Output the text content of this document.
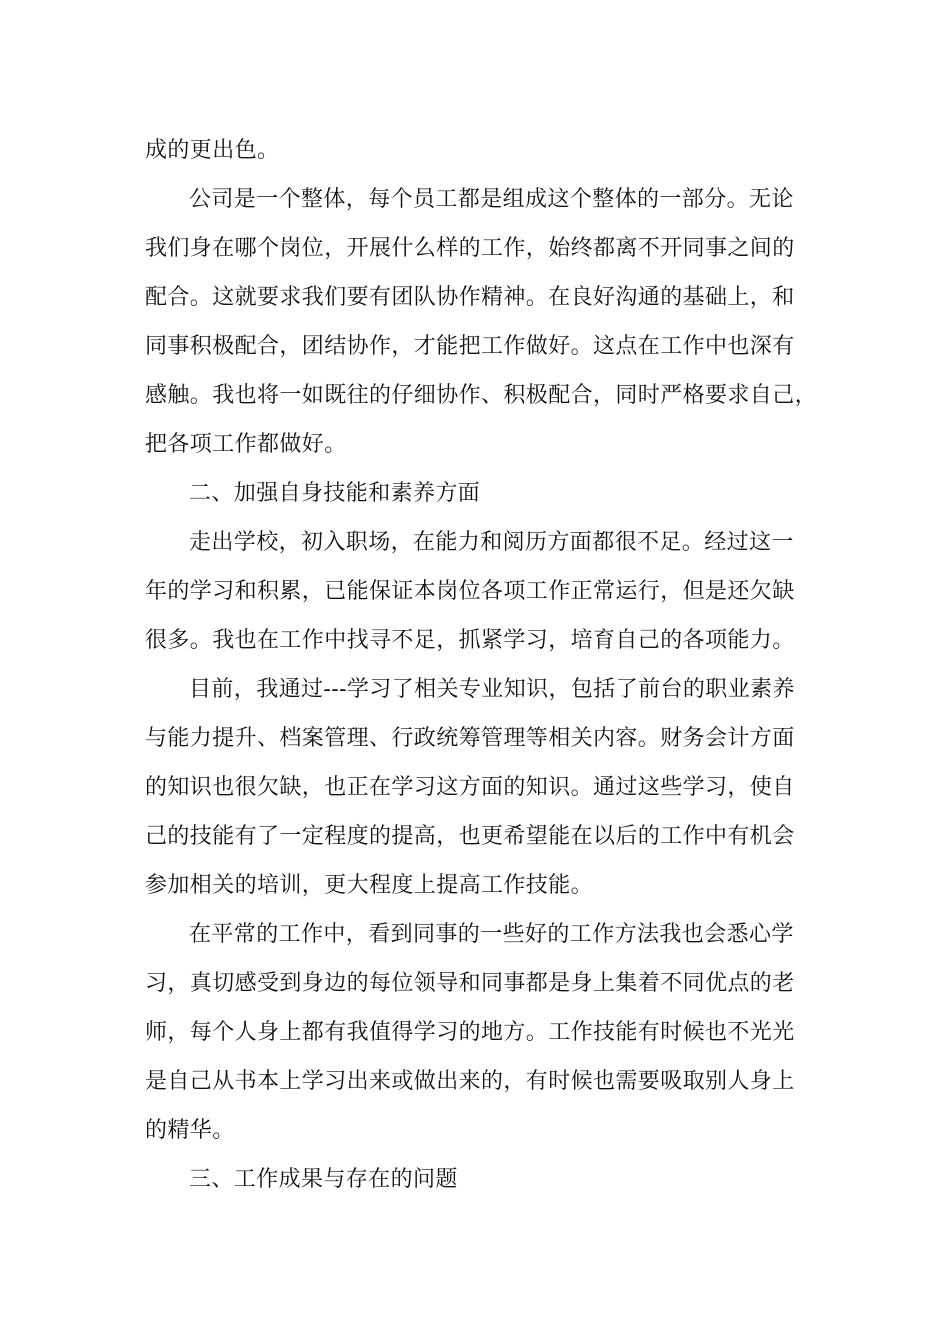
成的更出色。
公司是一个整体，每个员工都是组成这个整体的一部分。无论
我们身在哪个岗位，开展什么样的工作，始终都离不开同事之间的
配合。这就要求我们要有团队协作精神。在良好沟通的基础上，和
同事积极配合，团结协作，才能把工作做好。这点在工作中也深有
感触。我也将一如既往的仔细协作、积极配合，同时严格要求自己，
把各项工作都做好。
二、加强自身技能和素养方面
走出学校，初入职场，在能力和阅历方面都很不足。经过这一
年的学习和积累，已能保证本岗位各项工作正常运行，但是还欠缺
很多。我也在工作中找寻不足，抓紧学习，培育自己的各项能力。
目前，我通过---学习了相关专业知识，包括了前台的职业素养
与能力提升、档案管理、行政统筹管理等相关内容。财务会计方面
的知识也很欠缺，也正在学习这方面的知识。通过这些学习，使自
己的技能有了一定程度的提高，也更希望能在以后的工作中有机会
参加相关的培训，更大程度上提高工作技能。
在平常的工作中，看到同事的一些好的工作方法我也会悉心学
习，真切感受到身边的每位领导和同事都是身上集着不同优点的老
师，每个人身上都有我值得学习的地方。工作技能有时候也不光光
是自己从书本上学习出来或做出来的，有时候也需要吸取别人身上
的精华。
三、工作成果与存在的问题
